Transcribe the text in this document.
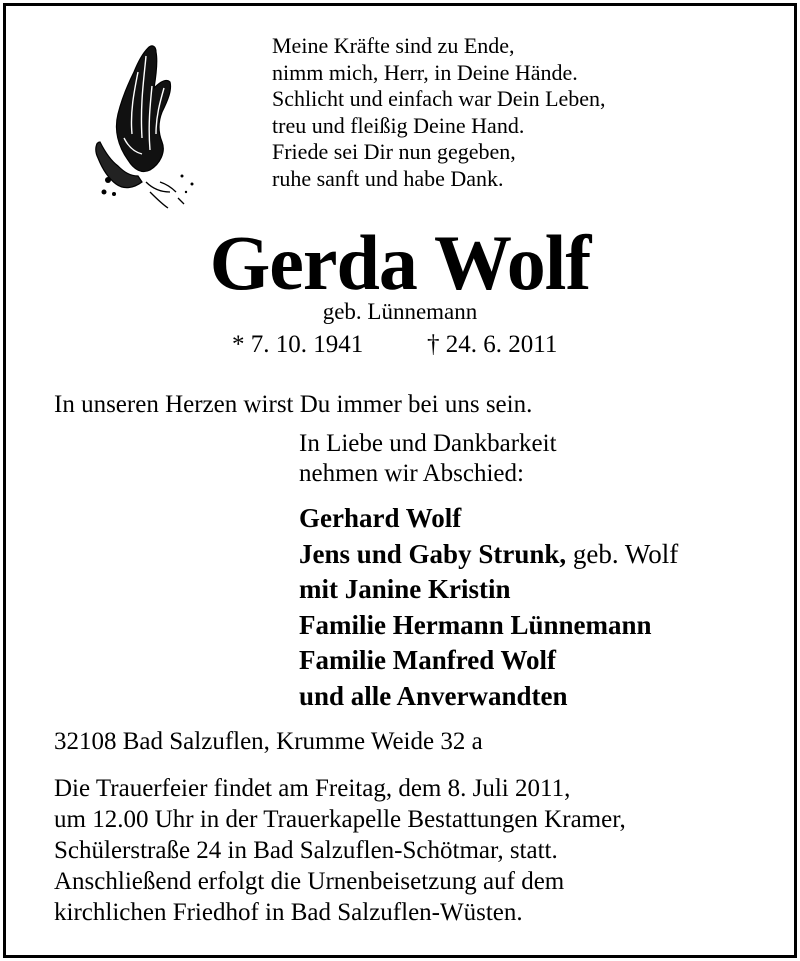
Meine Kräfte sind zu Ende,
nimm mich, Herr, in Deine Hände.
Schlicht und einfach war Dein Leben,
treu und fleißig Deine Hand.
Friede sei Dir nun gegeben,
ruhe sanft und habe Dank.
Gerda Wolf
geb. Lünnemann
* 7. 10. 1941	† 24. 6. 2011
In unseren Herzen wirst Du immer bei uns sein.
In Liebe und Dankbarkeit
nehmen wir Abschied:
Gerhard Wolf
Jens und Gaby Strunk, geb. Wolf
mit Janine Kristin
Familie Hermann Lünnemann
Familie Manfred Wolf
und alle Anverwandten
32108 Bad Salzuflen, Krumme Weide 32 a
Die Trauerfeier findet am Freitag, dem 8. Juli 2011,
um 12.00 Uhr in der Trauerkapelle Bestattungen Kramer,
Schülerstraße 24 in Bad Salzuflen-Schötmar, statt.
Anschließend erfolgt die Urnenbeisetzung auf dem
kirchlichen Friedhof in Bad Salzuflen-Wüsten.
